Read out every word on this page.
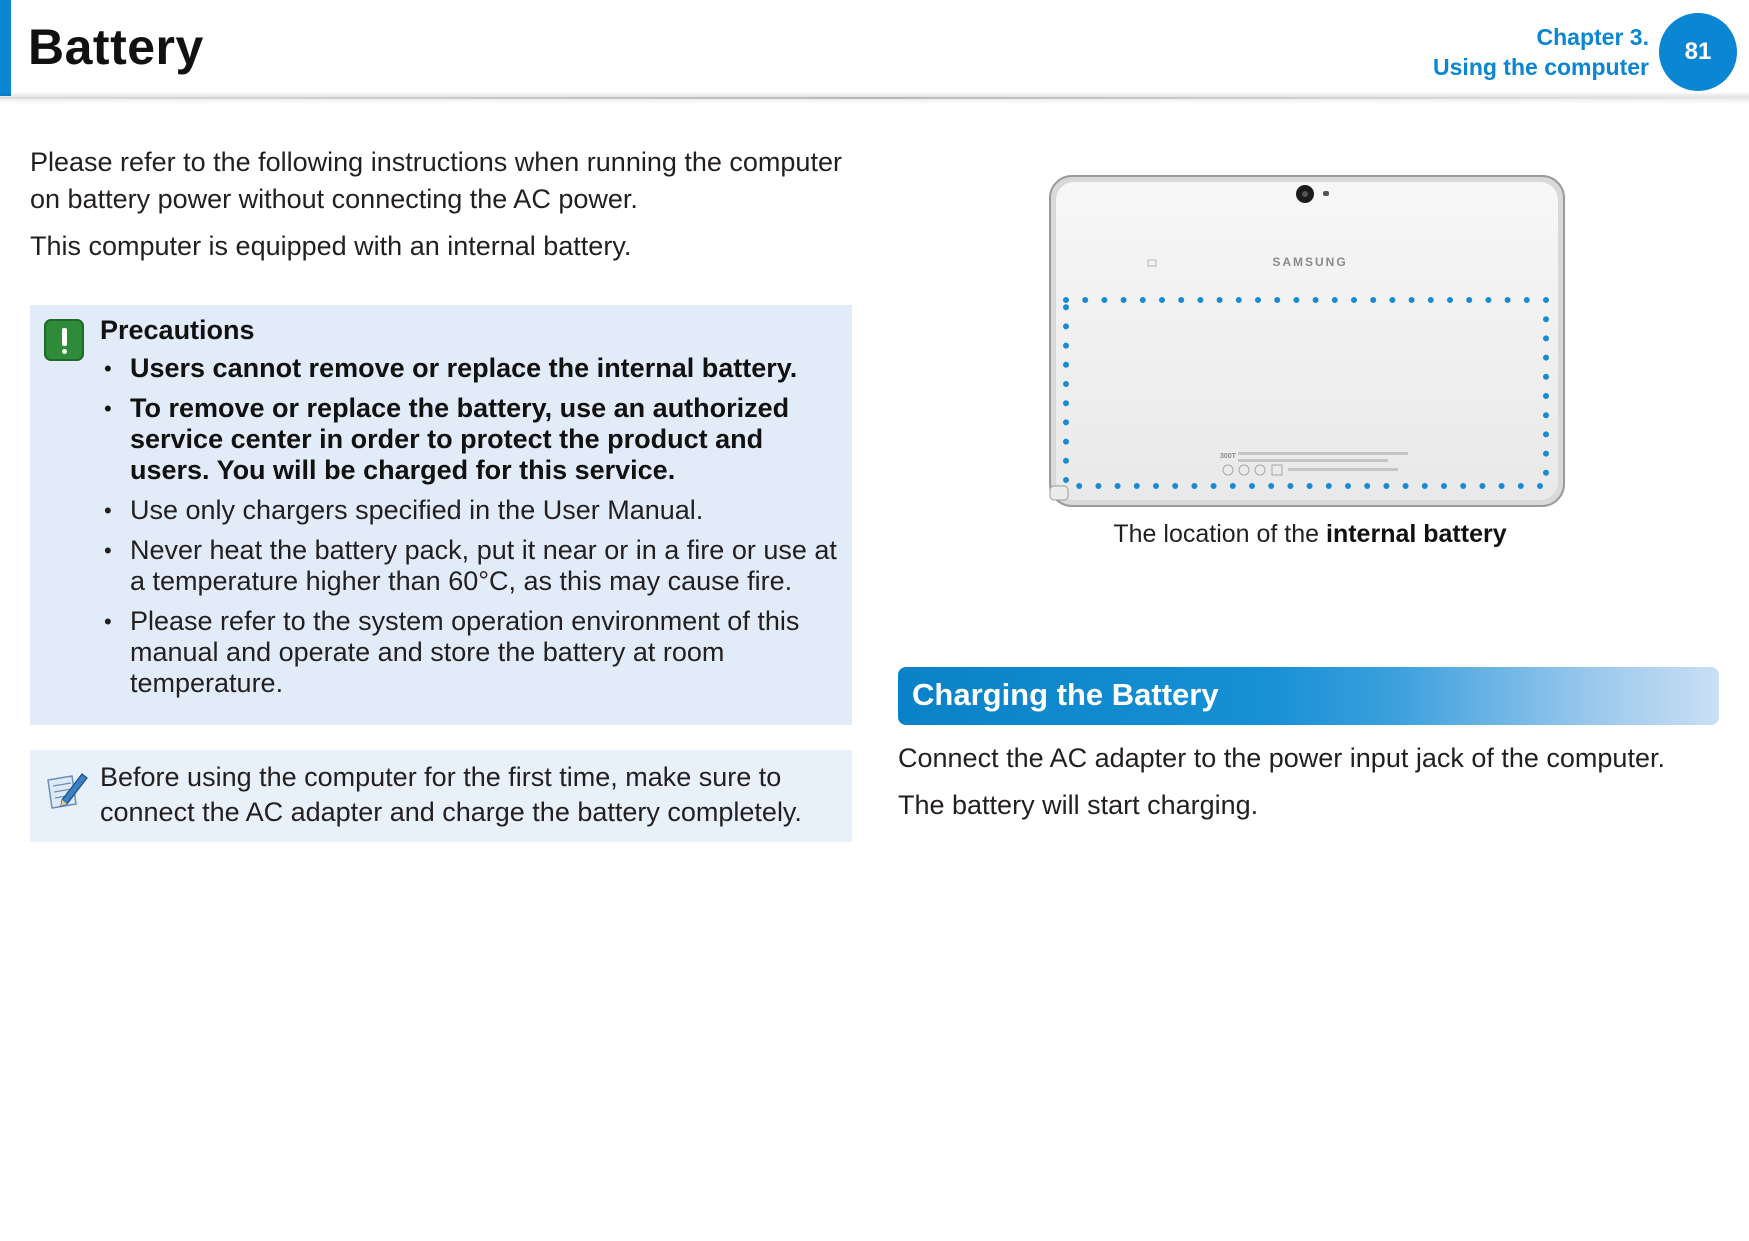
Battery	Chapter 3.
Using the computer
81

Please refer to the following instructions when running the computer on battery power without connecting the AC power.

This computer is equipped with an internal battery.

Precautions
• Users cannot remove or replace the internal battery.
• To remove or replace the battery, use an authorized service center in order to protect the product and users. You will be charged for this service.
• Use only chargers specified in the User Manual.
• Never heat the battery pack, put it near or in a fire or use at a temperature higher than 60°C, as this may cause fire.
• Please refer to the system operation environment of this manual and operate and store the battery at room temperature.
Before using the computer for the first time, make sure to connect the AC adapter and charge the battery completely.
SAMSUNG
300T
The location of the internal battery
Charging the Battery

Connect the AC adapter to the power input jack of the computer.

The battery will start charging.
